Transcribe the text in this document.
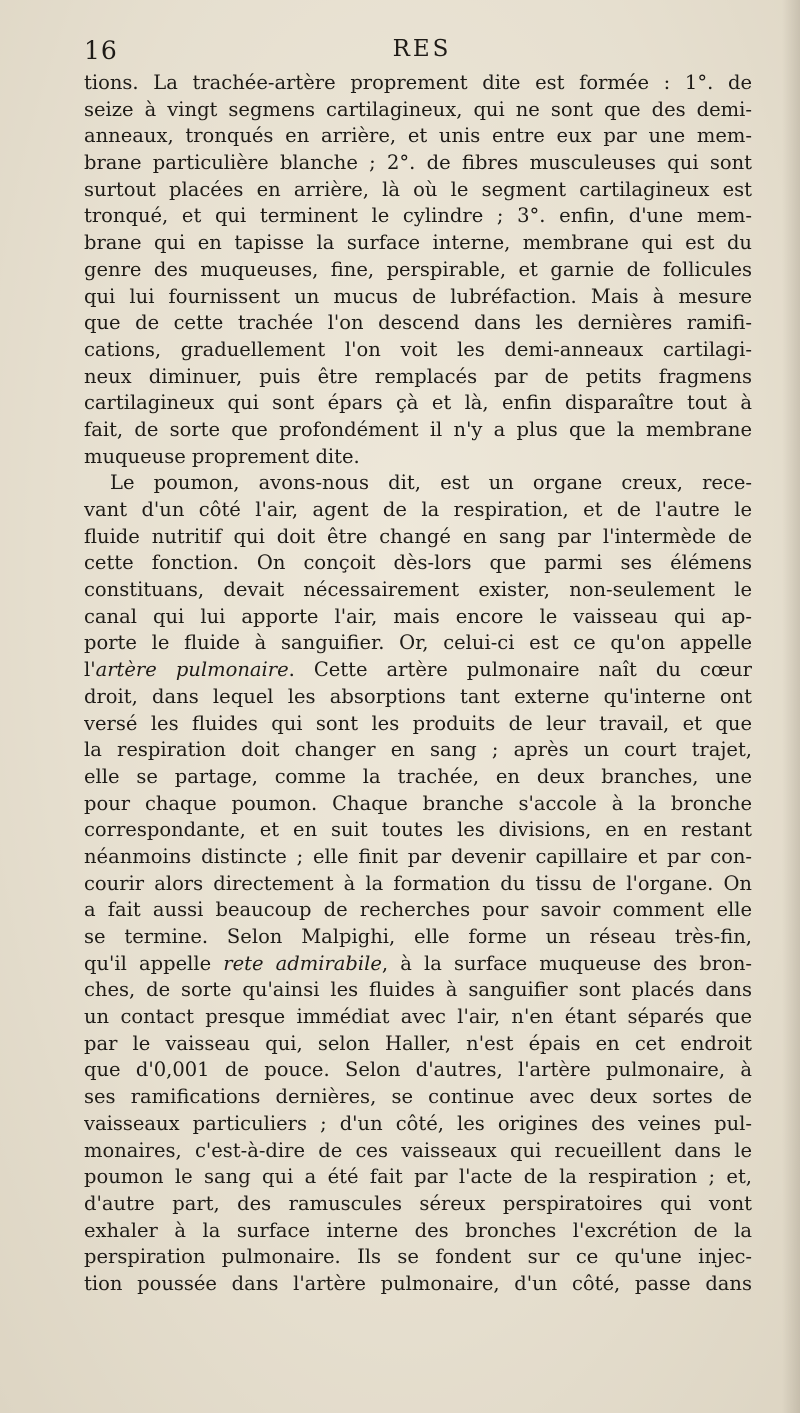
16	RES
tions. La trachée-artère proprement dite est formée : 1°. de
seize à vingt segmens cartilagineux, qui ne sont que des demi-
anneaux, tronqués en arrière, et unis entre eux par une mem-
brane particulière blanche ; 2°. de fibres musculeuses qui sont
surtout placées en arrière, là où le segment cartilagineux est
tronqué, et qui terminent le cylindre ; 3°. enfin, d'une mem-
brane qui en tapisse la surface interne, membrane qui est du
genre des muqueuses, fine, perspirable, et garnie de follicules
qui lui fournissent un mucus de lubréfaction. Mais à mesure
que de cette trachée l'on descend dans les dernières ramifi-
cations, graduellement l'on voit les demi-anneaux cartilagi-
neux diminuer, puis être remplacés par de petits fragmens
cartilagineux qui sont épars çà et là, enfin disparaître tout à
fait, de sorte que profondément il n'y a plus que la membrane
muqueuse proprement dite.
Le poumon, avons-nous dit, est un organe creux, rece-
vant d'un côté l'air, agent de la respiration, et de l'autre le
fluide nutritif qui doit être changé en sang par l'intermède de
cette fonction. On conçoit dès-lors que parmi ses élémens
constituans, devait nécessairement exister, non-seulement le
canal qui lui apporte l'air, mais encore le vaisseau qui ap-
porte le fluide à sanguifier. Or, celui-ci est ce qu'on appelle
l'artère pulmonaire. Cette artère pulmonaire naît du cœur
droit, dans lequel les absorptions tant externe qu'interne ont
versé les fluides qui sont les produits de leur travail, et que
la respiration doit changer en sang ; après un court trajet,
elle se partage, comme la trachée, en deux branches, une
pour chaque poumon. Chaque branche s'accole à la bronche
correspondante, et en suit toutes les divisions, en en restant
néanmoins distincte ; elle finit par devenir capillaire et par con-
courir alors directement à la formation du tissu de l'organe. On
a fait aussi beaucoup de recherches pour savoir comment elle
se termine. Selon Malpighi, elle forme un réseau très-fin,
qu'il appelle rete admirabile, à la surface muqueuse des bron-
ches, de sorte qu'ainsi les fluides à sanguifier sont placés dans
un contact presque immédiat avec l'air, n'en étant séparés que
par le vaisseau qui, selon Haller, n'est épais en cet endroit
que d'0,001 de pouce. Selon d'autres, l'artère pulmonaire, à
ses ramifications dernières, se continue avec deux sortes de
vaisseaux particuliers ; d'un côté, les origines des veines pul-
monaires, c'est-à-dire de ces vaisseaux qui recueillent dans le
poumon le sang qui a été fait par l'acte de la respiration ; et,
d'autre part, des ramuscules séreux perspiratoires qui vont
exhaler à la surface interne des bronches l'excrétion de la
perspiration pulmonaire. Ils se fondent sur ce qu'une injec-
tion poussée dans l'artère pulmonaire, d'un côté, passe dans
